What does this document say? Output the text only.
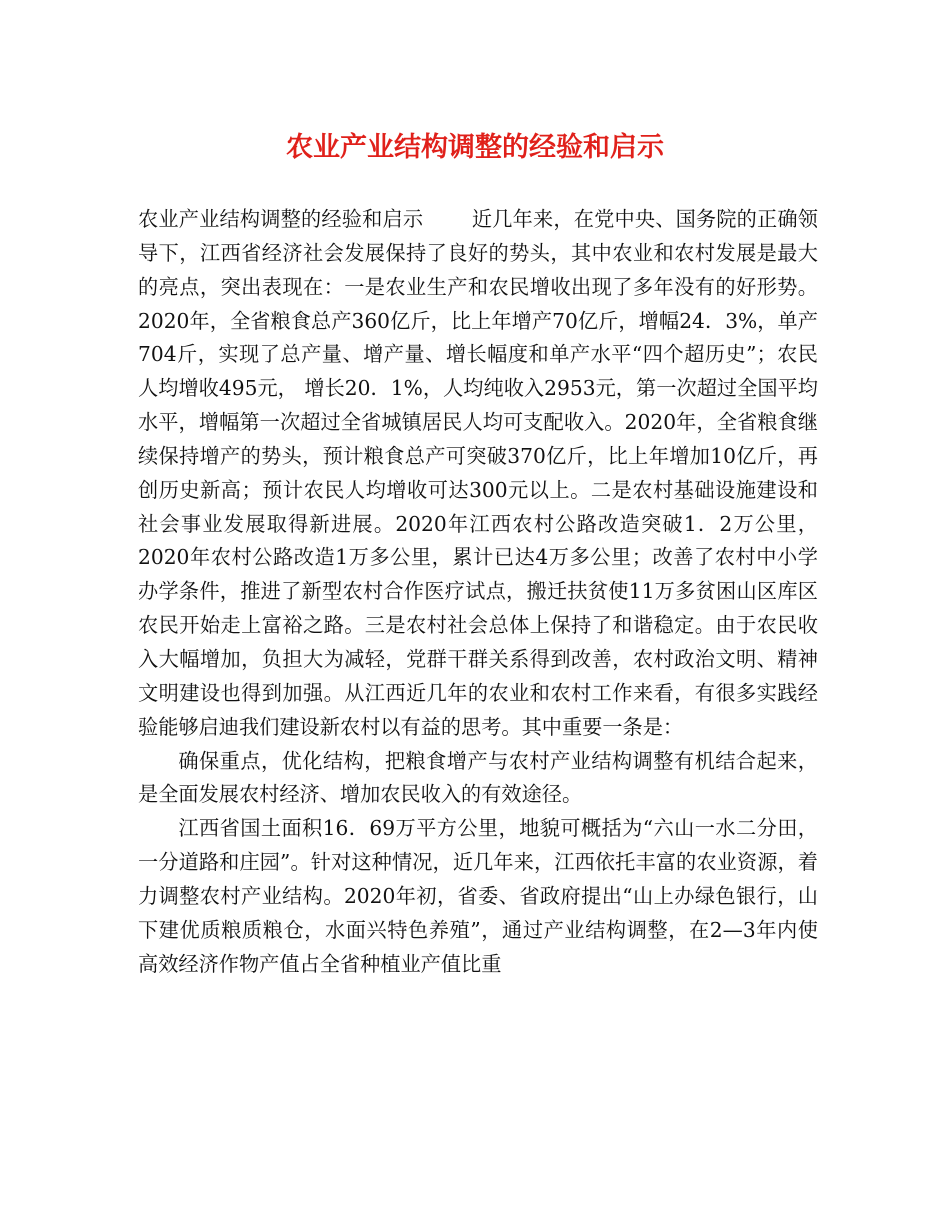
农业产业结构调整的经验和启示

农业产业结构调整的经验和启示 近几年来，在党中央、国务院的正确领导下，江西省经济社会发展保持了良好的势头，其中农业和农村发展是最大的亮点，突出表现在：一是农业生产和农民增收出现了多年没有的好形势。2020年，全省粮食总产360亿斤，比上年增产70亿斤，增幅24．3%，单产704斤，实现了总产量、增产量、增长幅度和单产水平“四个超历史”；农民人均增收495元， 增长20．1%，人均纯收入2953元，第一次超过全国平均水平，增幅第一次超过全省城镇居民人均可支配收入。2020年，全省粮食继续保持增产的势头，预计粮食总产可突破370亿斤，比上年增加10亿斤，再创历史新高；预计农民人均增收可达300元以上。二是农村基础设施建设和社会事业发展取得新进展。2020年江西农村公路改造突破1．2万公里， 2020年农村公路改造1万多公里，累计已达4万多公里；改善了农村中小学办学条件，推进了新型农村合作医疗试点，搬迁扶贫使11万多贫困山区库区农民开始走上富裕之路。三是农村社会总体上保持了和谐稳定。由于农民收入大幅增加，负担大为减轻，党群干群关系得到改善，农村政治文明、精神文明建设也得到加强。从江西近几年的农业和农村工作来看，有很多实践经验能够启迪我们建设新农村以有益的思考。其中重要一条是：

确保重点，优化结构，把粮食增产与农村产业结构调整有机结合起来，是全面发展农村经济、增加农民收入的有效途径。

江西省国土面积16．69万平方公里，地貌可概括为“六山一水二分田，一分道路和庄园”。针对这种情况，近几年来，江西依托丰富的农业资源，着力调整农村产业结构。2020年初，省委、省政府提出“山上办绿色银行，山下建优质粮质粮仓，水面兴特色养殖”，通过产业结构调整，在2—3年内使高效经济作物产值占全省种植业产值比重
